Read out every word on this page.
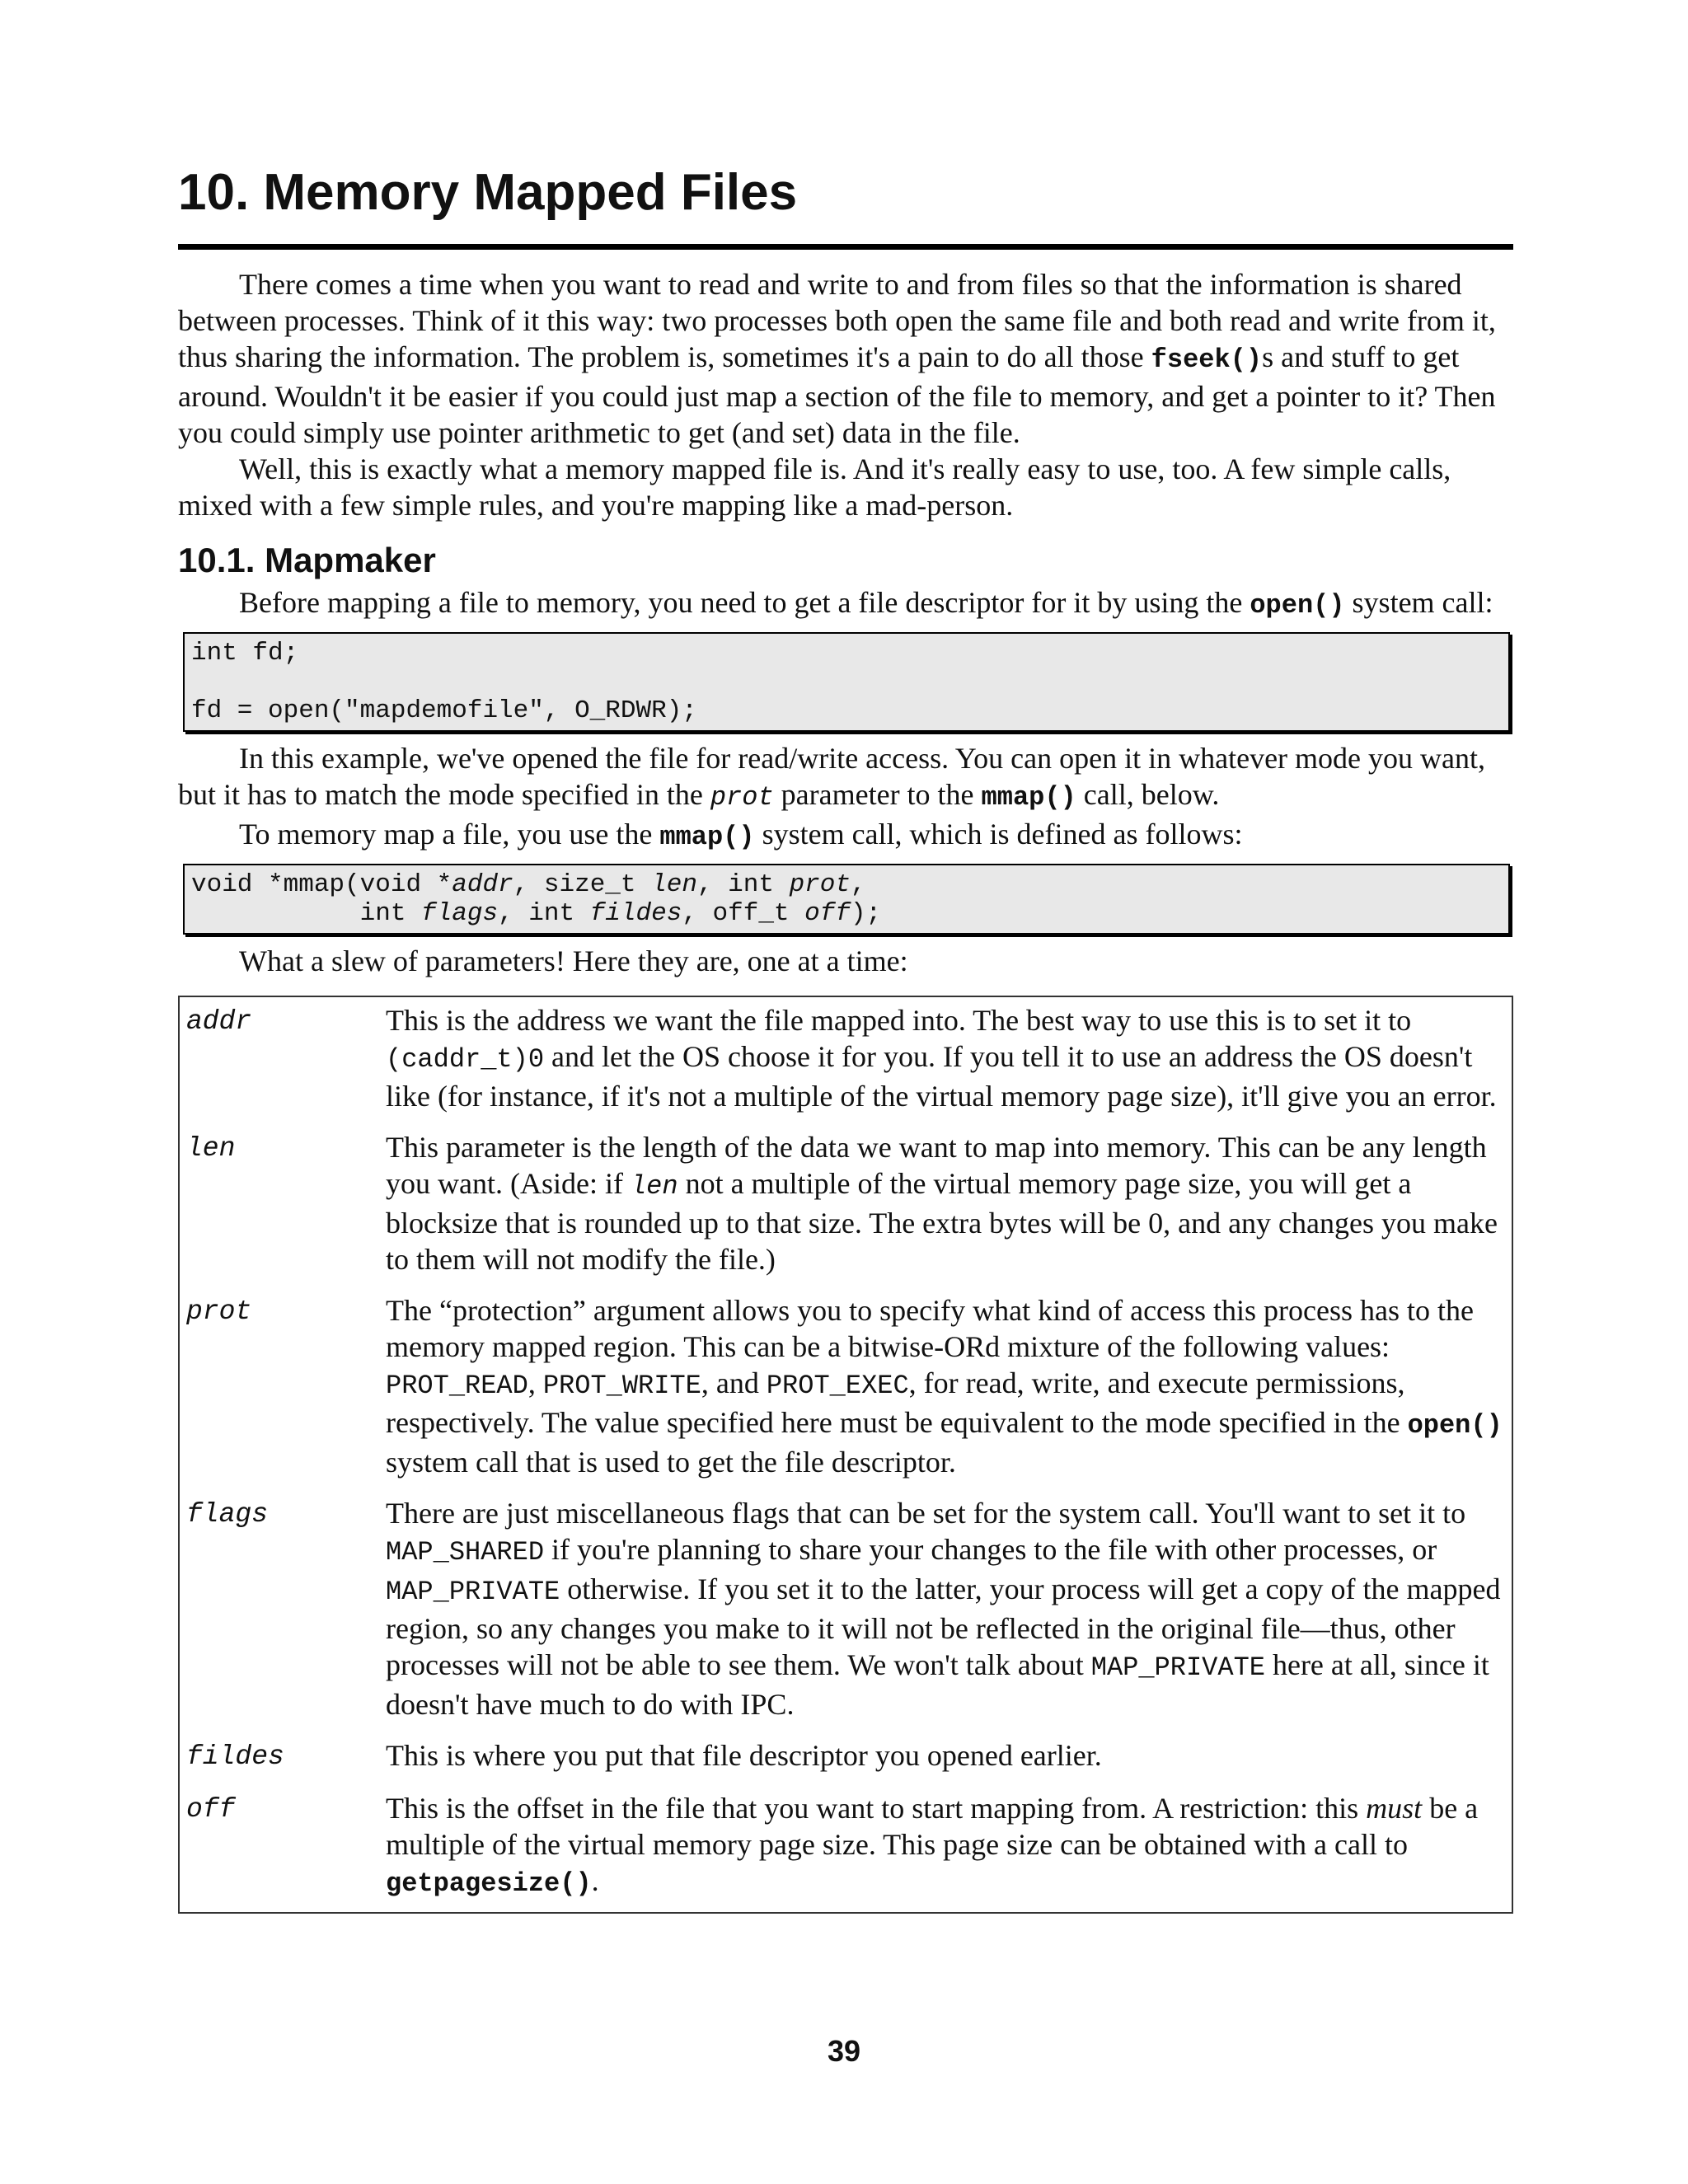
10. Memory Mapped Files

There comes a time when you want to read and write to and from files so that the information is shared between processes. Think of it this way: two processes both open the same file and both read and write from it, thus sharing the information. The problem is, sometimes it's a pain to do all those fseek()s and stuff to get around. Wouldn't it be easier if you could just map a section of the file to memory, and get a pointer to it? Then you could simply use pointer arithmetic to get (and set) data in the file.

Well, this is exactly what a memory mapped file is. And it's really easy to use, too. A few simple calls, mixed with a few simple rules, and you're mapping like a mad-person.

10.1. Mapmaker

Before mapping a file to memory, you need to get a file descriptor for it by using the open() system call:

int fd;
fd = open("mapdemofile", O_RDWR);

In this example, we've opened the file for read/write access. You can open it in whatever mode you want, but it has to match the mode specified in the prot parameter to the mmap() call, below.

To memory map a file, you use the mmap() system call, which is defined as follows:

void *mmap(void *addr, size_t len, int prot,
int flags, int fildes, off_t off);

What a slew of parameters! Here they are, one at a time:

addr	This is the address we want the file mapped into. The best way to use this is to set it to (caddr_t)0 and let the OS choose it for you. If you tell it to use an address the OS doesn't like (for instance, if it's not a multiple of the virtual memory page size), it'll give you an error.
len	This parameter is the length of the data we want to map into memory. This can be any length you want. (Aside: if len not a multiple of the virtual memory page size, you will get a blocksize that is rounded up to that size. The extra bytes will be 0, and any changes you make to them will not modify the file.)
prot	The “protection” argument allows you to specify what kind of access this process has to the memory mapped region. This can be a bitwise-ORd mixture of the following values: PROT_READ, PROT_WRITE, and PROT_EXEC, for read, write, and execute permissions, respectively. The value specified here must be equivalent to the mode specified in the open() system call that is used to get the file descriptor.
flags	There are just miscellaneous flags that can be set for the system call. You'll want to set it to MAP_SHARED if you're planning to share your changes to the file with other processes, or MAP_PRIVATE otherwise. If you set it to the latter, your process will get a copy of the mapped region, so any changes you make to it will not be reflected in the original file—thus, other processes will not be able to see them. We won't talk about MAP_PRIVATE here at all, since it doesn't have much to do with IPC.
fildes	This is where you put that file descriptor you opened earlier.
off	This is the offset in the file that you want to start mapping from. A restriction: this must be a multiple of the virtual memory page size. This page size can be obtained with a call to getpagesize().
39
